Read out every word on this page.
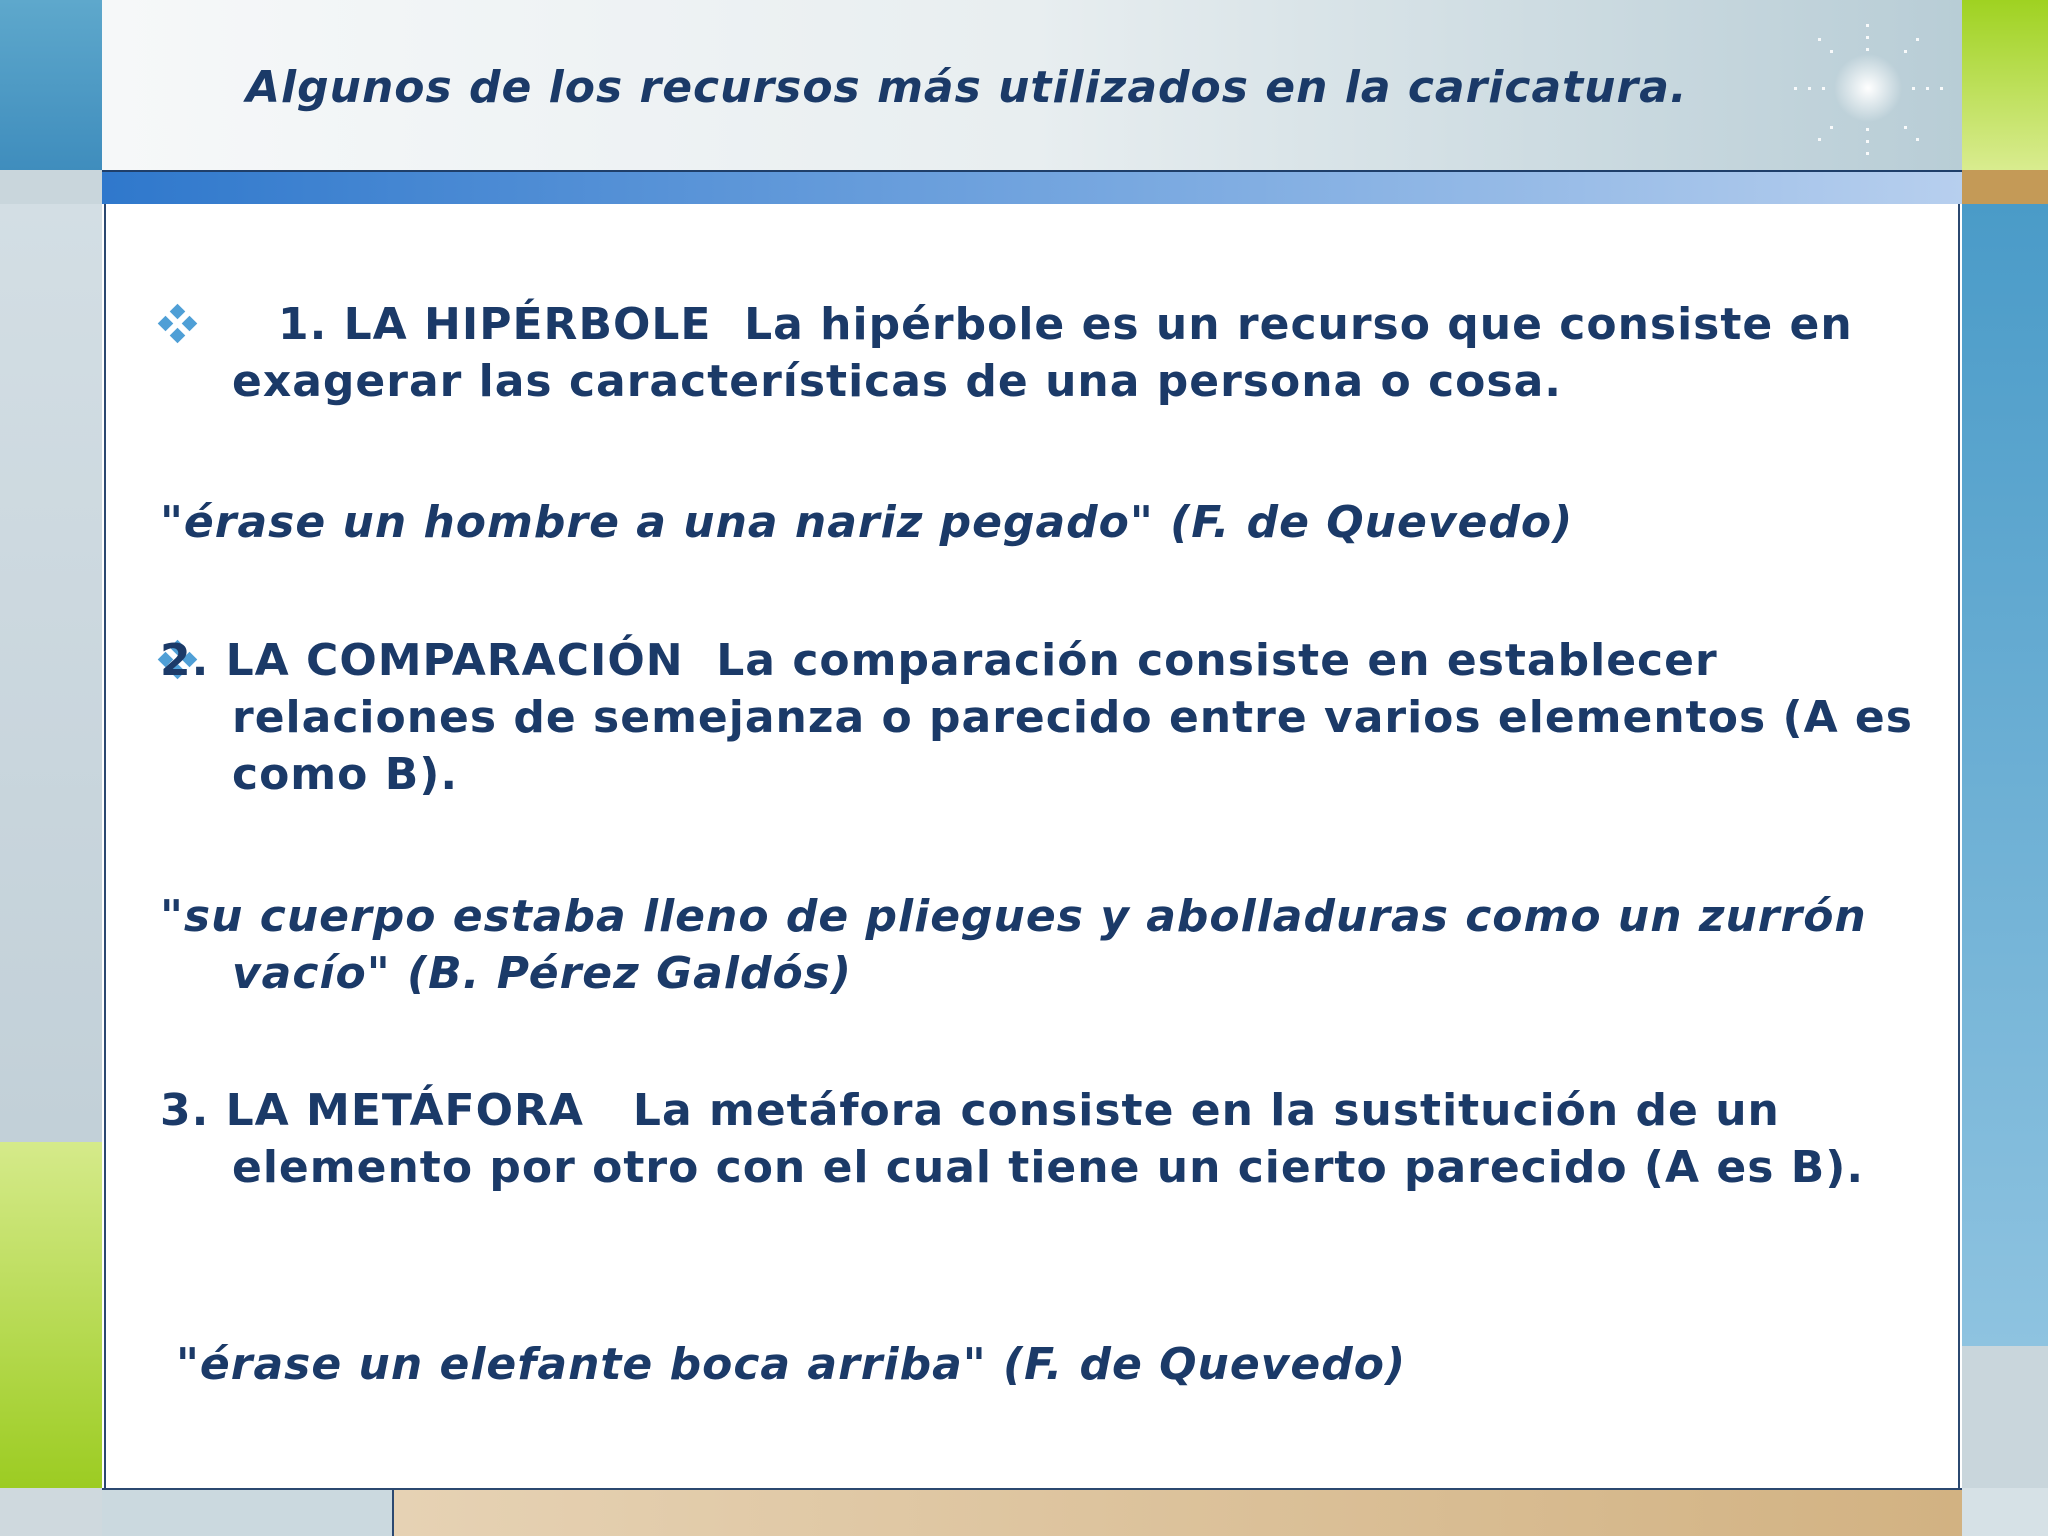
Algunos de los recursos más utilizados en la caricatura.

1. LA HIPÉRBOLE La hipérbole es un recurso que consiste en exagerar las características de una persona o cosa.

"érase un hombre a una nariz pegado" (F. de Quevedo)

2. LA COMPARACIÓN La comparación consiste en establecer relaciones de semejanza o parecido entre varios elementos (A es como B).

"su cuerpo estaba lleno de pliegues y abolladuras como un zurrón vacío" (B. Pérez Galdós)

3. LA METÁFORA La metáfora consiste en la sustitución de un elemento por otro con el cual tiene un cierto parecido (A es B).

"érase un elefante boca arriba" (F. de Quevedo)
